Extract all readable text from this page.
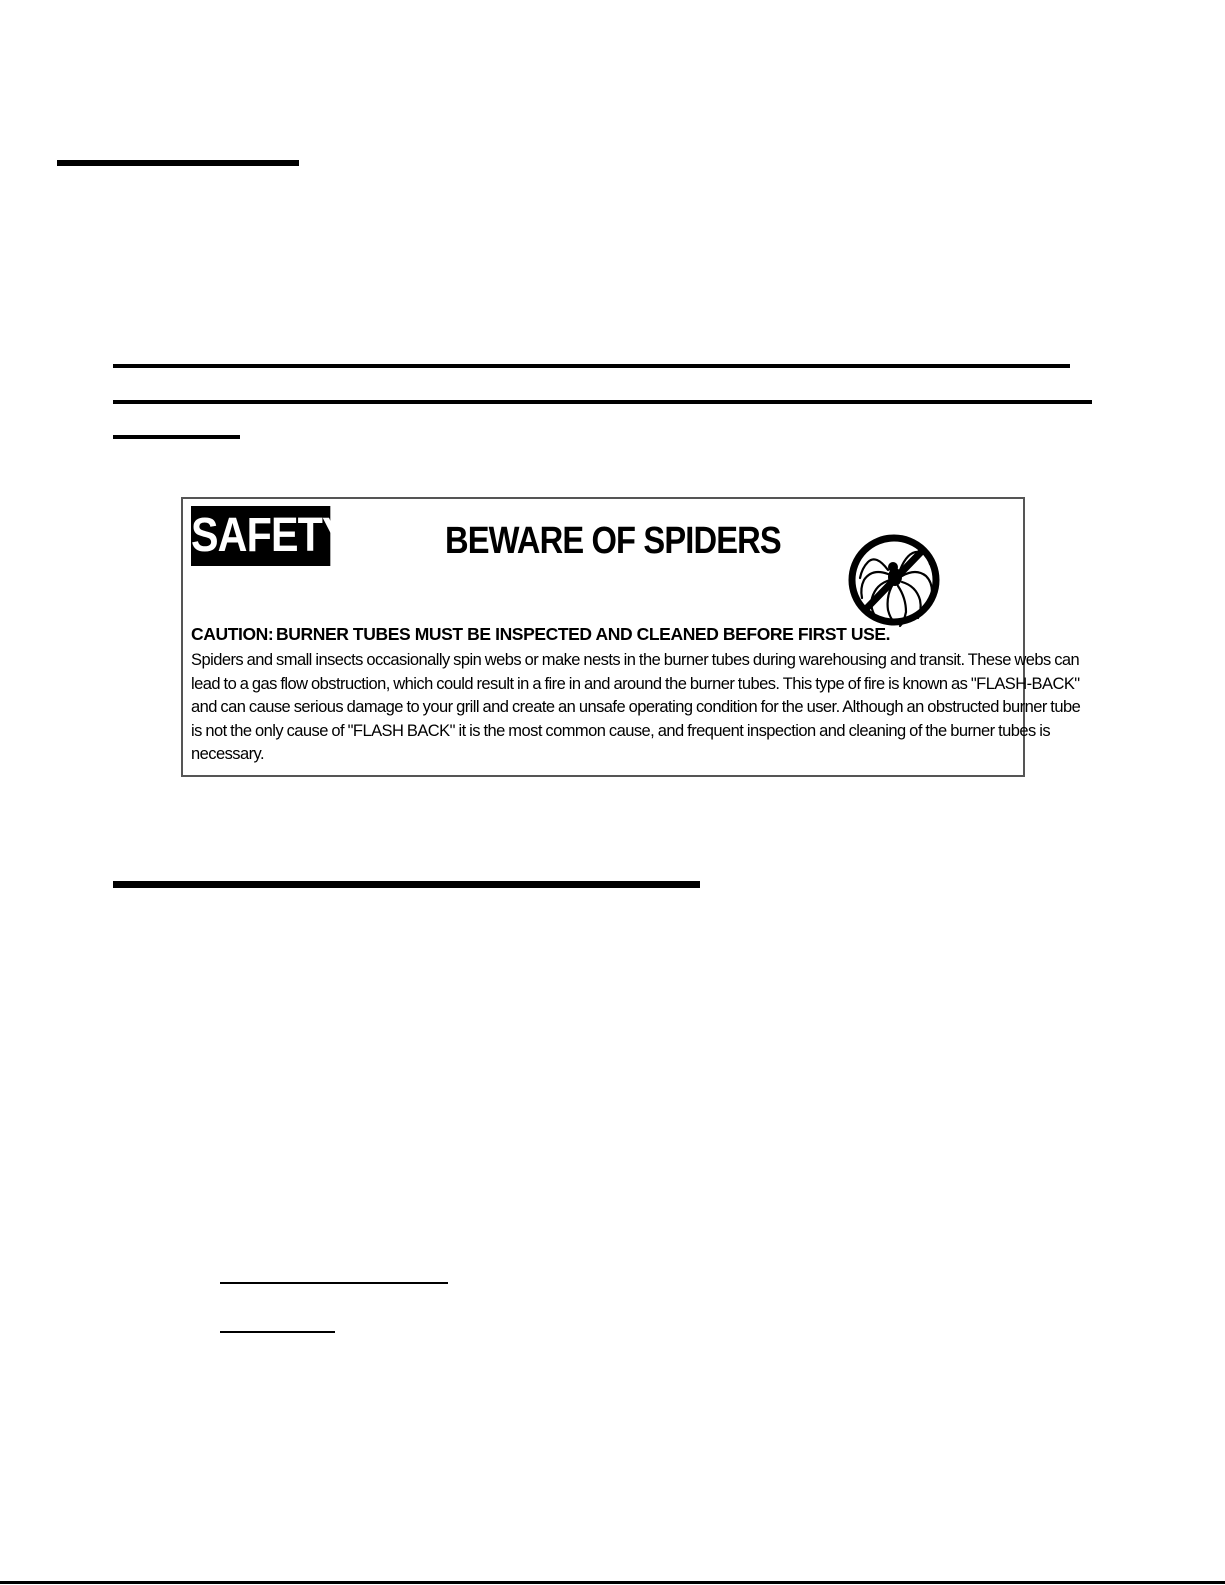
SAFETY !
BEWARE OF SPIDERS
CAUTION: BURNER TUBES MUST BE INSPECTED AND CLEANED BEFORE FIRST USE.
Spiders and small insects occasionally spin webs or make nests in the burner tubes during warehousing and transit. These webs can
lead to a gas flow obstruction, which could result in a fire in and around the burner tubes. This type of fire is known as "FLASH-BACK"
and can cause serious damage to your grill and create an unsafe operating condition for the user. Although an obstructed burner tube
is not the only cause of "FLASH BACK" it is the most common cause, and frequent inspection and cleaning of the burner tubes is
necessary.
